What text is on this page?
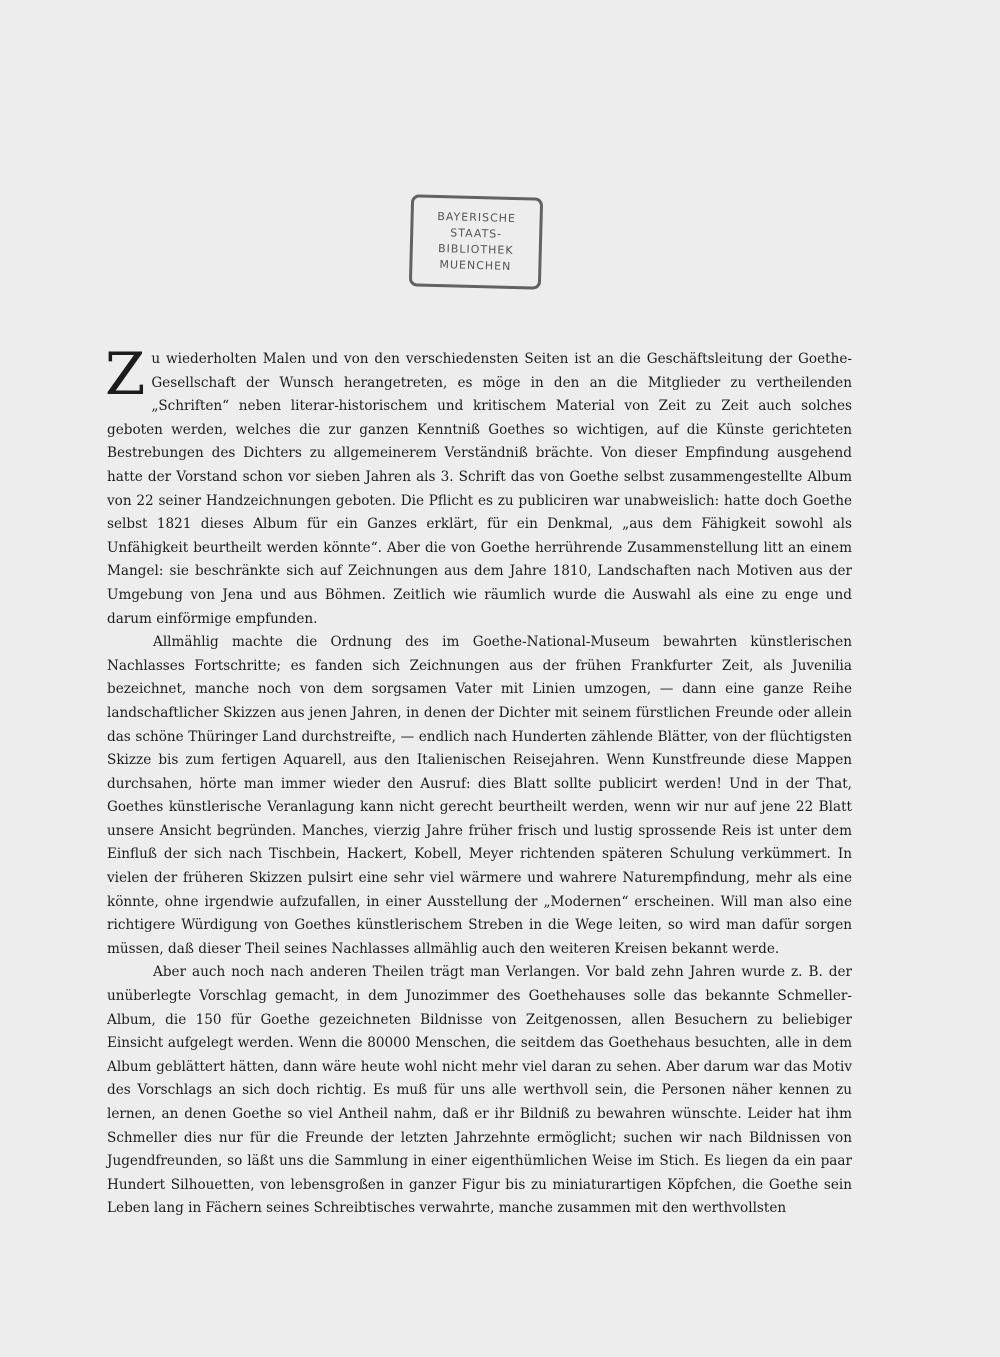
BAYERISCHE
STAATS-
BIBLIOTHEK
MUENCHEN

Zu wiederholten Malen und von den verschiedensten Seiten ist an die Geschäftsleitung der Goethe-Gesellschaft der Wunsch herangetreten, es möge in den an die Mitglieder zu vertheilenden „Schriften“ neben literar-historischem und kritischem Material von Zeit zu Zeit auch solches geboten werden, welches die zur ganzen Kenntniß Goethes so wichtigen, auf die Künste gerichteten Bestrebungen des Dichters zu allgemeinerem Verständniß brächte. Von dieser Empfindung ausgehend hatte der Vorstand schon vor sieben Jahren als 3. Schrift das von Goethe selbst zusammengestellte Album von 22 seiner Handzeichnungen geboten. Die Pflicht es zu publiciren war unabweislich: hatte doch Goethe selbst 1821 dieses Album für ein Ganzes erklärt, für ein Denkmal, „aus dem Fähigkeit sowohl als Unfähigkeit beurtheilt werden könnte“. Aber die von Goethe herrührende Zusammenstellung litt an einem Mangel: sie beschränkte sich auf Zeichnungen aus dem Jahre 1810, Landschaften nach Motiven aus der Umgebung von Jena und aus Böhmen. Zeitlich wie räumlich wurde die Auswahl als eine zu enge und darum einförmige empfunden.

Allmählig machte die Ordnung des im Goethe-National-Museum bewahrten künstlerischen Nachlasses Fortschritte; es fanden sich Zeichnungen aus der frühen Frankfurter Zeit, als Juvenilia bezeichnet, manche noch von dem sorgsamen Vater mit Linien umzogen, — dann eine ganze Reihe landschaftlicher Skizzen aus jenen Jahren, in denen der Dichter mit seinem fürstlichen Freunde oder allein das schöne Thüringer Land durchstreifte, — endlich nach Hunderten zählende Blätter, von der flüchtigsten Skizze bis zum fertigen Aquarell, aus den Italienischen Reisejahren. Wenn Kunstfreunde diese Mappen durchsahen, hörte man immer wieder den Ausruf: dies Blatt sollte publicirt werden! Und in der That, Goethes künstlerische Veranlagung kann nicht gerecht beurtheilt werden, wenn wir nur auf jene 22 Blatt unsere Ansicht begründen. Manches, vierzig Jahre früher frisch und lustig sprossende Reis ist unter dem Einfluß der sich nach Tischbein, Hackert, Kobell, Meyer richtenden späteren Schulung verkümmert. In vielen der früheren Skizzen pulsirt eine sehr viel wärmere und wahrere Naturempfindung, mehr als eine könnte, ohne irgendwie aufzufallen, in einer Ausstellung der „Modernen“ erscheinen. Will man also eine richtigere Würdigung von Goethes künstlerischem Streben in die Wege leiten, so wird man dafür sorgen müssen, daß dieser Theil seines Nachlasses allmählig auch den weiteren Kreisen bekannt werde.

Aber auch noch nach anderen Theilen trägt man Verlangen. Vor bald zehn Jahren wurde z. B. der unüberlegte Vorschlag gemacht, in dem Junozimmer des Goethehauses solle das bekannte Schmeller-Album, die 150 für Goethe gezeichneten Bildnisse von Zeitgenossen, allen Besuchern zu beliebiger Einsicht aufgelegt werden. Wenn die 80000 Menschen, die seitdem das Goethehaus besuchten, alle in dem Album geblättert hätten, dann wäre heute wohl nicht mehr viel daran zu sehen. Aber darum war das Motiv des Vorschlags an sich doch richtig. Es muß für uns alle werthvoll sein, die Personen näher kennen zu lernen, an denen Goethe so viel Antheil nahm, daß er ihr Bildniß zu bewahren wünschte. Leider hat ihm Schmeller dies nur für die Freunde der letzten Jahrzehnte ermöglicht; suchen wir nach Bildnissen von Jugendfreunden, so läßt uns die Sammlung in einer eigenthümlichen Weise im Stich. Es liegen da ein paar Hundert Silhouetten, von lebensgroßen in ganzer Figur bis zu miniaturartigen Köpfchen, die Goethe sein Leben lang in Fächern seines Schreibtisches verwahrte, manche zusammen mit den werthvollsten
